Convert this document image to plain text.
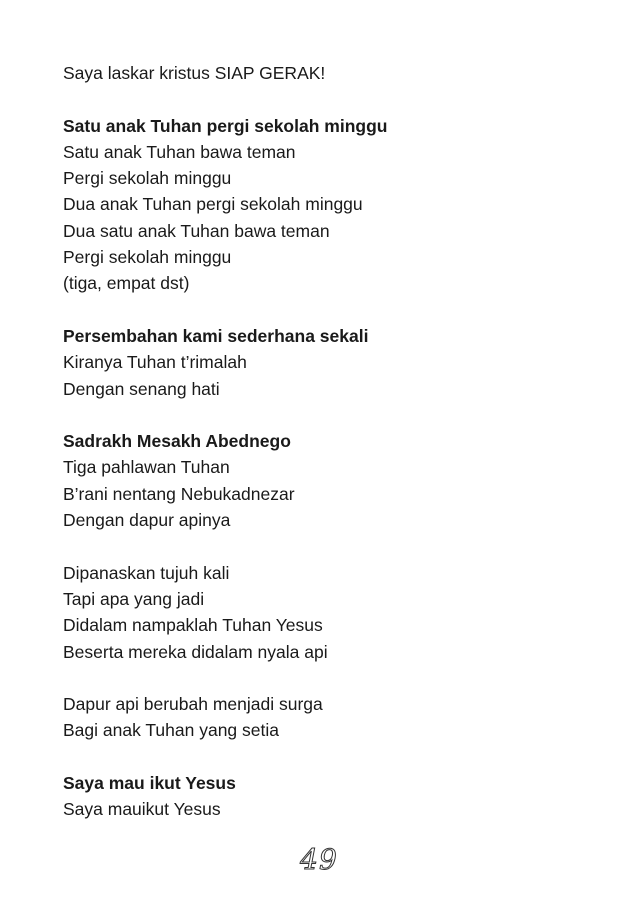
Saya laskar kristus SIAP GERAK!
Satu anak Tuhan pergi sekolah minggu
Satu anak Tuhan bawa teman
Pergi sekolah minggu
Dua anak Tuhan pergi sekolah minggu
Dua satu anak Tuhan bawa teman
Pergi sekolah minggu
(tiga, empat dst)
Persembahan kami sederhana sekali
Kiranya Tuhan t’rimalah
Dengan senang hati
Sadrakh Mesakh Abednego
Tiga pahlawan Tuhan
B’rani nentang Nebukadnezar
Dengan dapur apinya
Dipanaskan tujuh kali
Tapi apa yang jadi
Didalam nampaklah Tuhan Yesus
Beserta mereka didalam nyala api
Dapur api berubah menjadi surga
Bagi anak Tuhan yang setia
Saya mau ikut Yesus
Saya mauikut Yesus
49
